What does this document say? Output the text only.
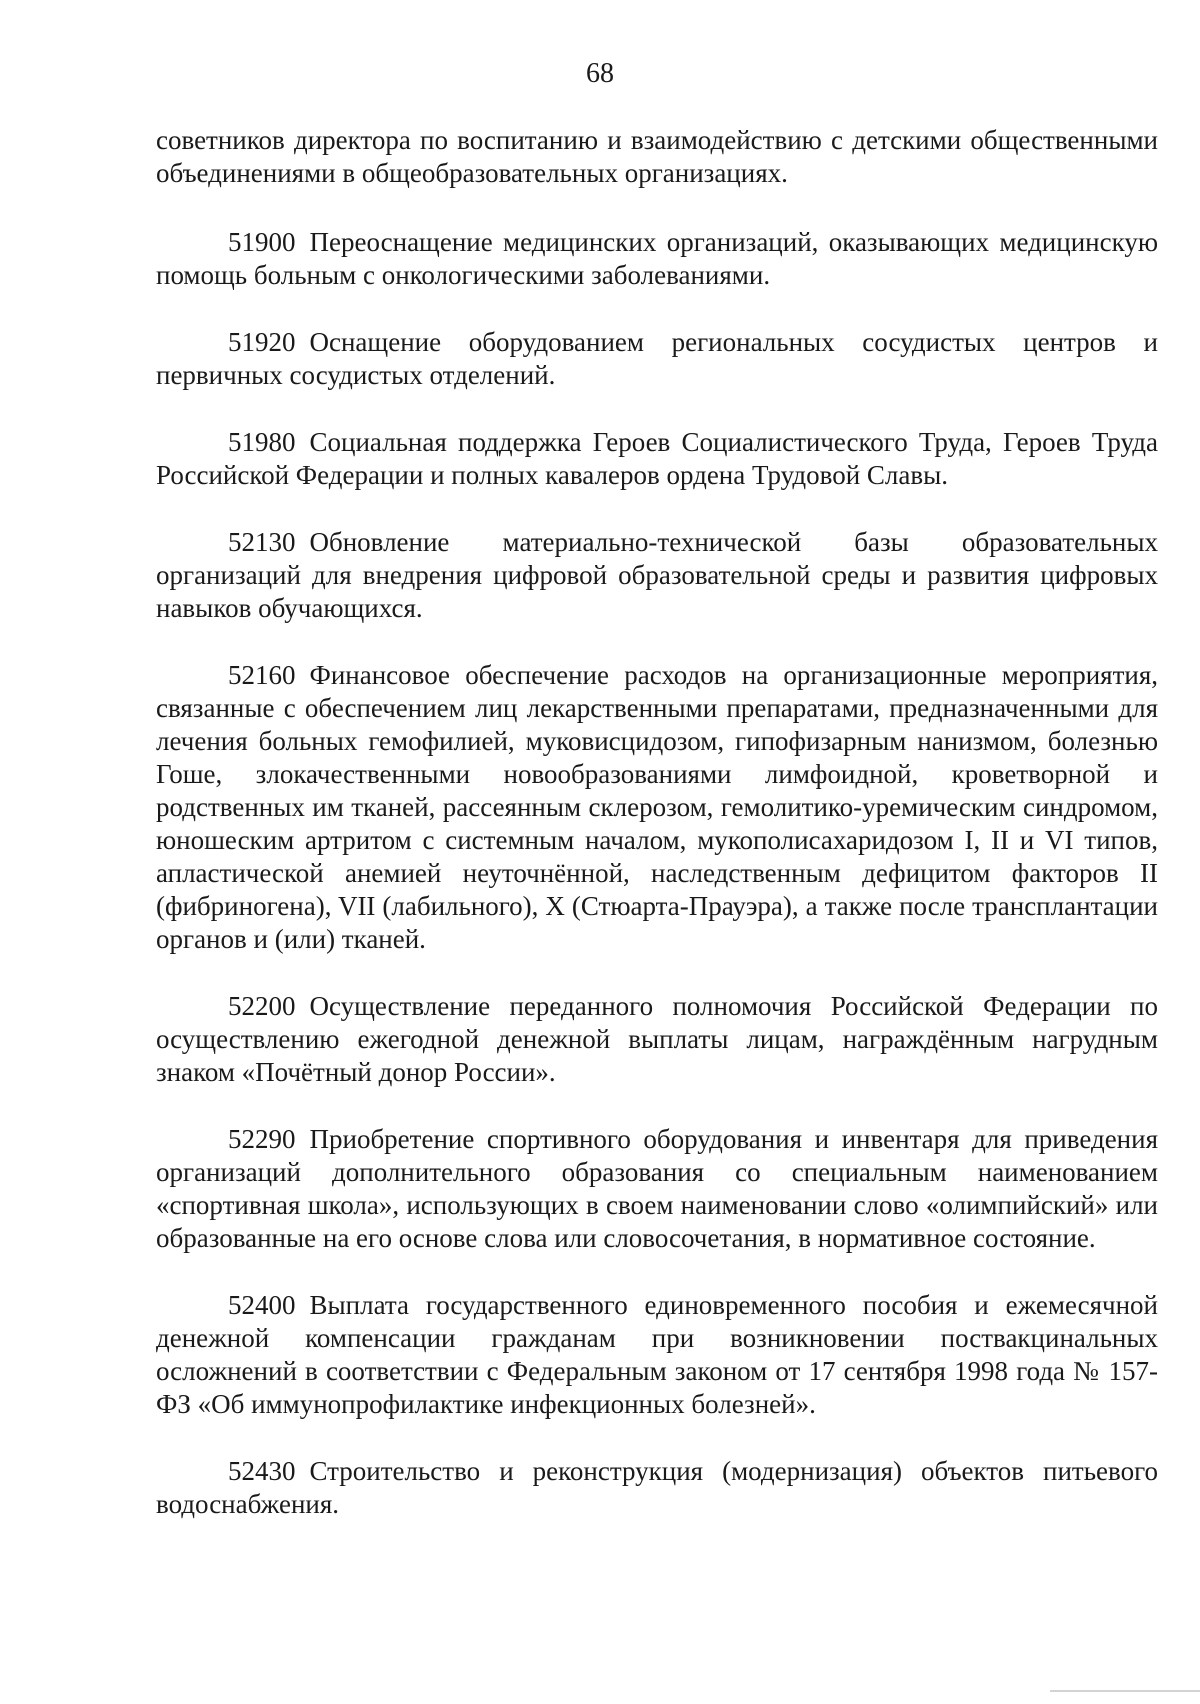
68

советников директора по воспитанию и взаимодействию с детскими общественными объединениями в общеобразовательных организациях.

51900 Переоснащение медицинских организаций, оказывающих медицинскую помощь больным с онкологическими заболеваниями.

51920 Оснащение оборудованием региональных сосудистых центров и первичных сосудистых отделений.

51980 Социальная поддержка Героев Социалистического Труда, Героев Труда Российской Федерации и полных кавалеров ордена Трудовой Славы.

52130 Обновление материально-технической базы образовательных организаций для внедрения цифровой образовательной среды и развития цифровых навыков обучающихся.

52160 Финансовое обеспечение расходов на организационные мероприятия, связанные с обеспечением лиц лекарственными препаратами, предназначенными для лечения больных гемофилией, муковисцидозом, гипофизарным нанизмом, болезнью Гоше, злокачественными новообразованиями лимфоидной, кроветворной и родственных им тканей, рассеянным склерозом, гемолитико-уремическим синдромом, юношеским артритом с системным началом, мукополисахаридозом I, II и VI типов, апластической анемией неуточнённой, наследственным дефицитом факторов II (фибриногена), VII (лабильного), X (Стюарта-Прауэра), а также после трансплантации органов и (или) тканей.

52200 Осуществление переданного полномочия Российской Федерации по осуществлению ежегодной денежной выплаты лицам, награждённым нагрудным знаком «Почётный донор России».

52290 Приобретение спортивного оборудования и инвентаря для приведения организаций дополнительного образования со специальным наименованием «спортивная школа», использующих в своем наименовании слово «олимпийский» или образованные на его основе слова или словосочетания, в нормативное состояние.

52400 Выплата государственного единовременного пособия и ежемесячной денежной компенсации гражданам при возникновении поствакцинальных осложнений в соответствии с Федеральным законом от 17 сентября 1998 года № 157-ФЗ «Об иммунопрофилактике инфекционных болезней».

52430 Строительство и реконструкция (модернизация) объектов питьевого водоснабжения.
